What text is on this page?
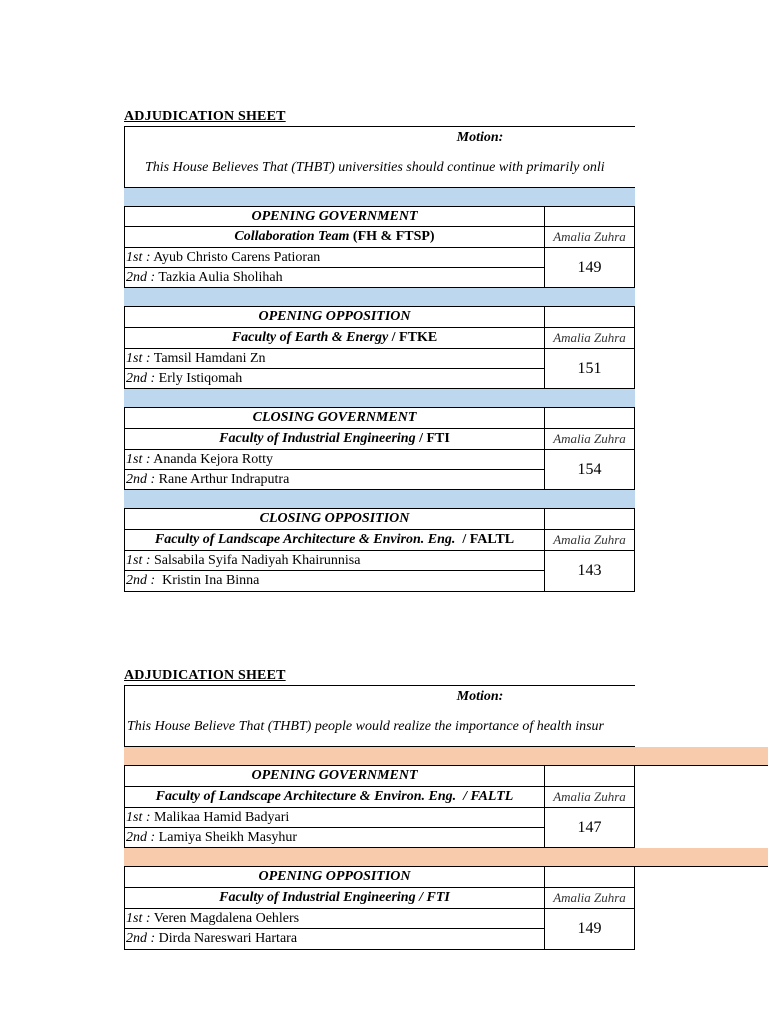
ADJUDICATION SHEET
Motion:
This House Believes That (THBT) universities should continue with primarily onli
OPENING GOVERNMENT
Collaboration Team (FH & FTSP)	Amalia Zuhra
1st : Ayub Christo Carens Patioran
2nd : Tazkia Aulia Sholihah
149
OPENING OPPOSITION
Faculty of Earth & Energy / FTKE	Amalia Zuhra
1st : Tamsil Hamdani Zn
2nd : Erly Istiqomah
151
CLOSING GOVERNMENT
Faculty of Industrial Engineering / FTI	Amalia Zuhra
1st : Ananda Kejora Rotty
2nd : Rane Arthur Indraputra
154
CLOSING OPPOSITION
Faculty of Landscape Architecture & Environ. Eng. / FALTL	Amalia Zuhra
1st : Salsabila Syifa Nadiyah Khairunnisa
2nd : Kristin Ina Binna
143
ADJUDICATION SHEET
Motion:
This House Believe That (THBT) people would realize the importance of health insur
OPENING GOVERNMENT
Faculty of Landscape Architecture & Environ. Eng.  / FALTL	Amalia Zuhra
1st : Malikaa Hamid Badyari
2nd : Lamiya Sheikh Masyhur
147
OPENING OPPOSITION
Faculty of Industrial Engineering / FTI	Amalia Zuhra
1st : Veren Magdalena Oehlers
2nd : Dirda Nareswari Hartara
149
